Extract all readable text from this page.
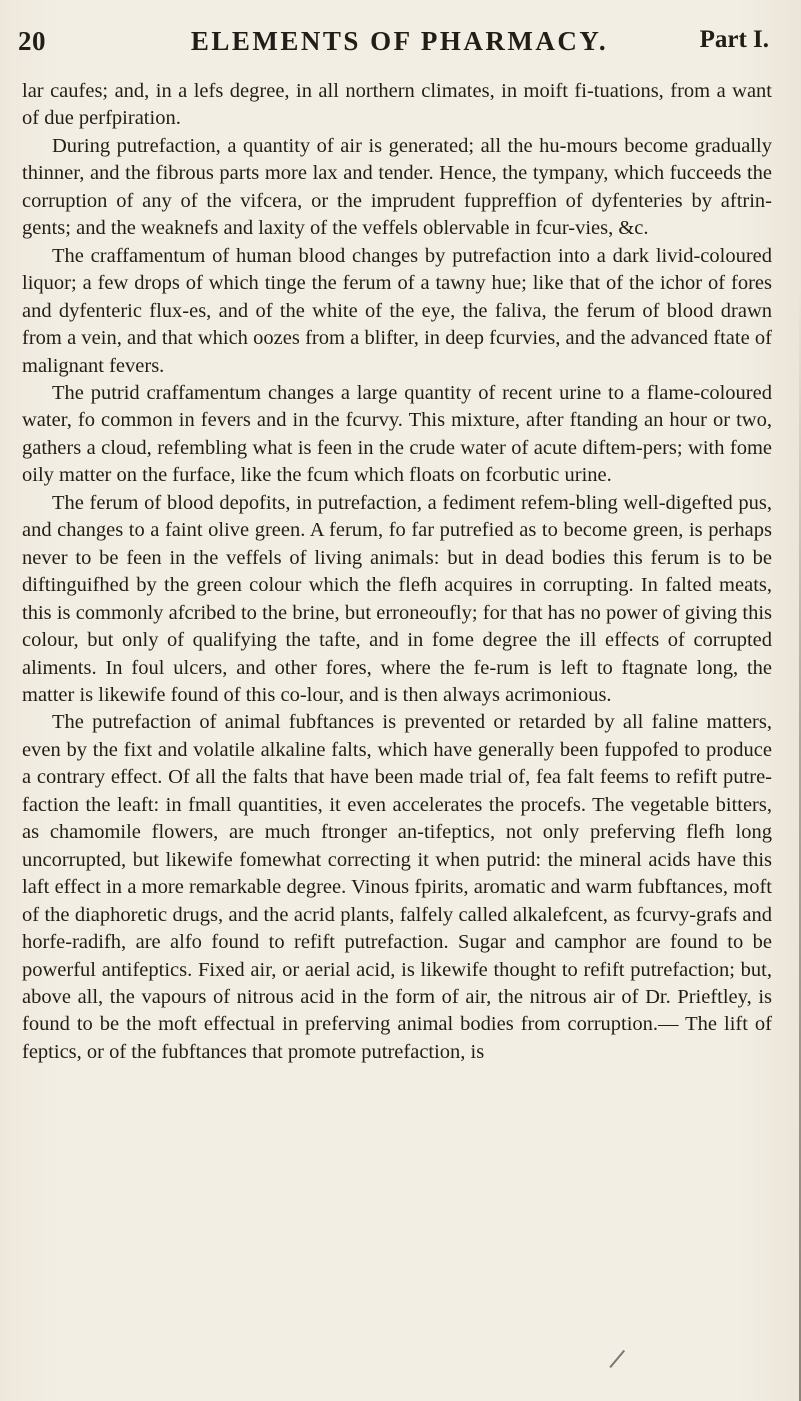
20	ELEMENTS OF PHARMACY.	Part I.

lar caufes; and, in a lefs degree, in all northern climates, in moift fi-tuations, from a want of due perfpiration.

During putrefaction, a quantity of air is generated; all the hu-mours become gradually thinner, and the fibrous parts more lax and tender. Hence, the tympany, which fucceeds the corruption of any of the vifcera, or the imprudent fuppreffion of dyfenteries by aftrin-gents; and the weaknefs and laxity of the veffels oblervable in fcur-vies, &c.

The craffamentum of human blood changes by putrefaction into a dark livid-coloured liquor; a few drops of which tinge the ferum of a tawny hue; like that of the ichor of fores and dyfenteric flux-es, and of the white of the eye, the faliva, the ferum of blood drawn from a vein, and that which oozes from a blifter, in deep fcurvies, and the advanced ftate of malignant fevers.

The putrid craffamentum changes a large quantity of recent urine to a flame-coloured water, fo common in fevers and in the fcurvy. This mixture, after ftanding an hour or two, gathers a cloud, refembling what is feen in the crude water of acute diftem-pers; with fome oily matter on the furface, like the fcum which floats on fcorbutic urine.

The ferum of blood depofits, in putrefaction, a fediment refem-bling well-digefted pus, and changes to a faint olive green. A ferum, fo far putrefied as to become green, is perhaps never to be feen in the veffels of living animals: but in dead bodies this ferum is to be diftinguifhed by the green colour which the flefh acquires in corrupting. In falted meats, this is commonly afcribed to the brine, but erroneoufly; for that has no power of giving this colour, but only of qualifying the tafte, and in fome degree the ill effects of corrupted aliments. In foul ulcers, and other fores, where the fe-rum is left to ftagnate long, the matter is likewife found of this co-lour, and is then always acrimonious.

The putrefaction of animal fubftances is prevented or retarded by all faline matters, even by the fixt and volatile alkaline falts, which have generally been fuppofed to produce a contrary effect. Of all the falts that have been made trial of, fea falt feems to refift putre-faction the leaft: in fmall quantities, it even accelerates the procefs. The vegetable bitters, as chamomile flowers, are much ftronger an-tifeptics, not only preferving flefh long uncorrupted, but likewife fomewhat correcting it when putrid: the mineral acids have this laft effect in a more remarkable degree. Vinous fpirits, aromatic and warm fubftances, moft of the diaphoretic drugs, and the acrid plants, falfely called alkalefcent, as fcurvy-grafs and horfe-radifh, are alfo found to refift putrefaction. Sugar and camphor are found to be powerful antifeptics. Fixed air, or aerial acid, is likewife thought to refift putrefaction; but, above all, the vapours of nitrous acid in the form of air, the nitrous air of Dr. Prieftley, is found to be the moft effectual in preferving animal bodies from corruption.— The lift of feptics, or of the fubftances that promote putrefaction, is
